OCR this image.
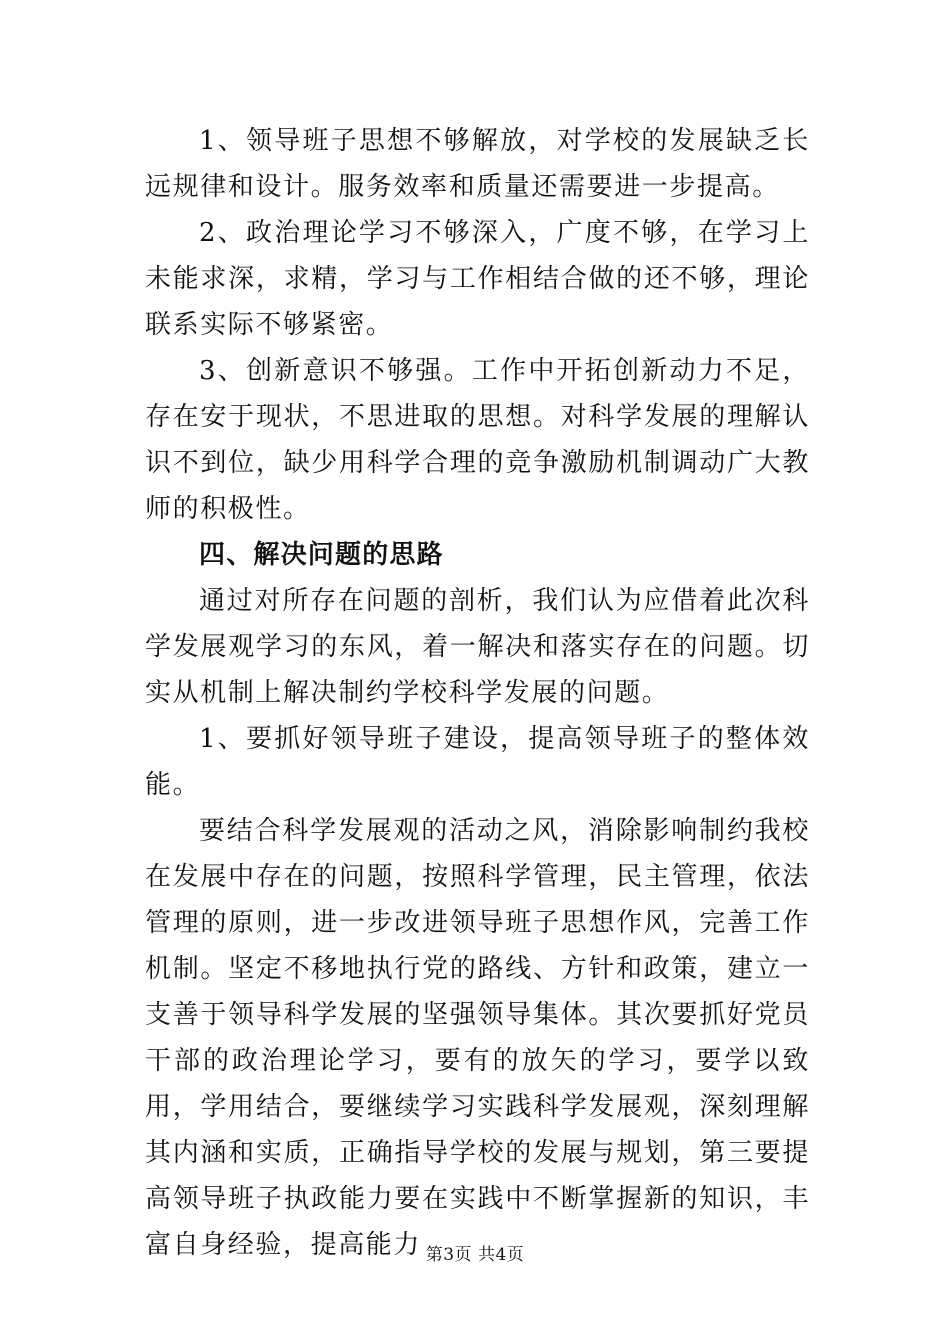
1、领导班子思想不够解放，对学校的发展缺乏长远规律和设计。服务效率和质量还需要进一步提高。

2、政治理论学习不够深入，广度不够，在学习上未能求深，求精，学习与工作相结合做的还不够，理论联系实际不够紧密。

3、创新意识不够强。工作中开拓创新动力不足，存在安于现状，不思进取的思想。对科学发展的理解认识不到位，缺少用科学合理的竞争激励机制调动广大教师的积极性。

四、解决问题的思路

通过对所存在问题的剖析，我们认为应借着此次科学发展观学习的东风，着一解决和落实存在的问题。切实从机制上解决制约学校科学发展的问题。

1、要抓好领导班子建设，提高领导班子的整体效能。

要结合科学发展观的活动之风，消除影响制约我校在发展中存在的问题，按照科学管理，民主管理，依法管理的原则，进一步改进领导班子思想作风，完善工作机制。坚定不移地执行党的路线、方针和政策，建立一支善于领导科学发展的坚强领导集体。其次要抓好党员干部的政治理论学习，要有的放矢的学习，要学以致用，学用结合，要继续学习实践科学发展观，深刻理解其内涵和实质，正确指导学校的发展与规划，第三要提高领导班子执政能力要在实践中不断掌握新的知识，丰富自身经验，提高能力 第3页 共4页
